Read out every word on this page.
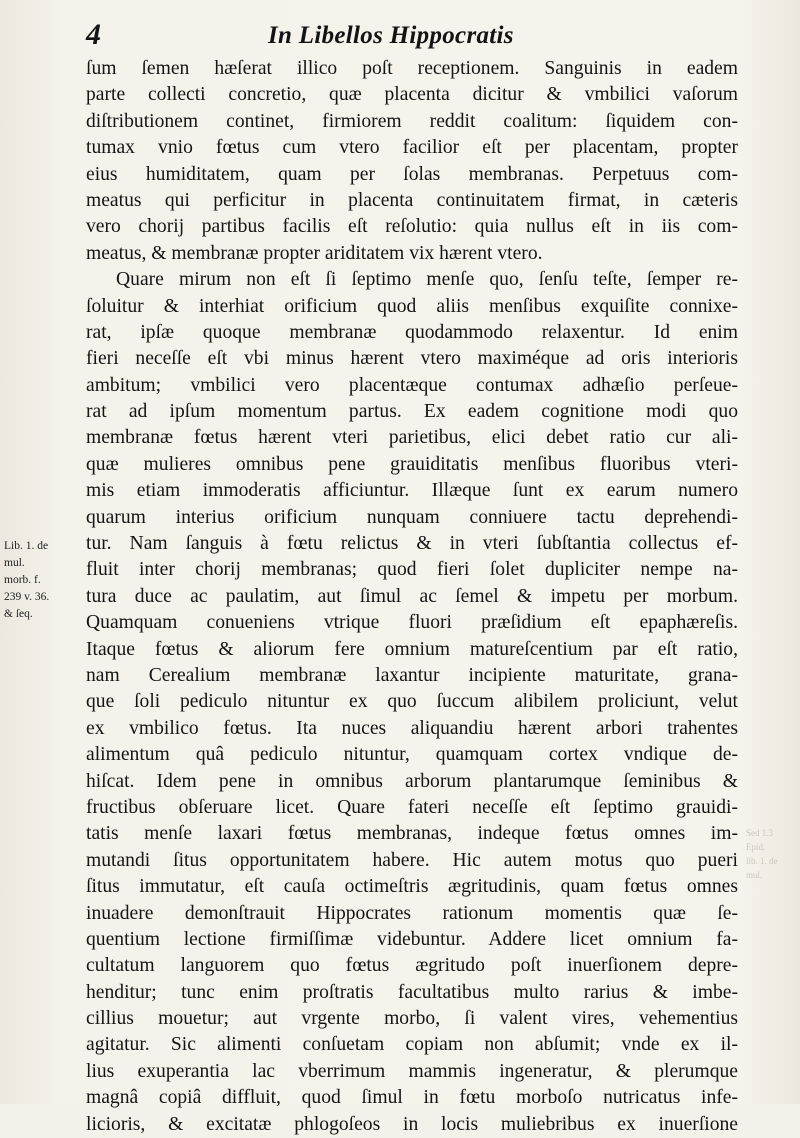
4	In Libellos Hippocratis
ſum ſemen hæſerat illico poſt receptionem. Sanguinis in eadem
parte collecti concretio, quæ placenta dicitur & vmbilici vaſorum
diſtributionem continet, firmiorem reddit coalitum: ſiquidem con-
tumax vnio fœtus cum vtero facilior eſt per placentam, propter
eius humiditatem, quam per ſolas membranas. Perpetuus com-
meatus qui perficitur in placenta continuitatem firmat, in cæteris
vero chorij partibus facilis eſt reſolutio: quia nullus eſt in iis com-
meatus, & membranæ propter ariditatem vix hærent vtero.
Quare mirum non eſt ſi ſeptimo menſe quo, ſenſu teſte, ſemper re-
ſoluitur & interhiat orificium quod aliis menſibus exquiſite connixe-
rat, ipſæ quoque membranæ quodammodo relaxentur. Id enim
fieri neceſſe eſt vbi minus hærent vtero maximéque ad oris interioris
ambitum; vmbilici vero placentæque contumax adhæſio perſeue-
rat ad ipſum momentum partus. Ex eadem cognitione modi quo
membranæ fœtus hærent vteri parietibus, elici debet ratio cur ali-
quæ mulieres omnibus pene grauiditatis menſibus fluoribus vteri-
mis etiam immoderatis afficiuntur. Illæque ſunt ex earum numero
quarum interius orificium nunquam conniuere tactu deprehendi-
tur. Nam ſanguis à fœtu relictus & in vteri ſubſtantia collectus ef-
fluit inter chorij membranas; quod fieri ſolet dupliciter nempe na-
tura duce ac paulatim, aut ſimul ac ſemel & impetu per morbum.
Quamquam conueniens vtrique fluori præſidium eſt epaphæreſis.
Itaque fœtus & aliorum fere omnium matureſcentium par eſt ratio,
nam Cerealium membranæ laxantur incipiente maturitate, grana-
que ſoli pediculo nituntur ex quo ſuccum alibilem proliciunt, velut
ex vmbilico fœtus. Ita nuces aliquandiu hærent arbori trahentes
alimentum quâ pediculo nituntur, quamquam cortex vndique de-
hiſcat. Idem pene in omnibus arborum plantarumque ſeminibus &
fructibus obſeruare licet. Quare fateri neceſſe eſt ſeptimo grauidi-
tatis menſe laxari fœtus membranas, indeque fœtus omnes im-
mutandi ſitus opportunitatem habere. Hic autem motus quo pueri
ſitus immutatur, eſt cauſa octimeſtris ægritudinis, quam fœtus omnes
inuadere demonſtrauit Hippocrates rationum momentis quæ ſe-
quentium lectione firmiſſimæ videbuntur. Addere licet omnium fa-
cultatum languorem quo fœtus ægritudo poſt inuerſionem depre-
henditur; tunc enim proſtratis facultatibus multo rarius & imbe-
cillius mouetur; aut vrgente morbo, ſi valent vires, vehementius
agitatur. Sic alimenti conſuetam copiam non abſumit; vnde ex il-
lius exuperantia lac vberrimum mammis ingeneratur, & plerumque
magnâ copiâ diffluit, quod ſimul in fœtu morboſo nutricatus infe-
licioris, & excitatæ phlogoſeos in locis muliebribus ex inuerſione
Lib. 1. de
mul.
morb. f.
239 v. 36.
& ſeq.
Sed 1.3
Epid.
lib. 1. de
mul.
